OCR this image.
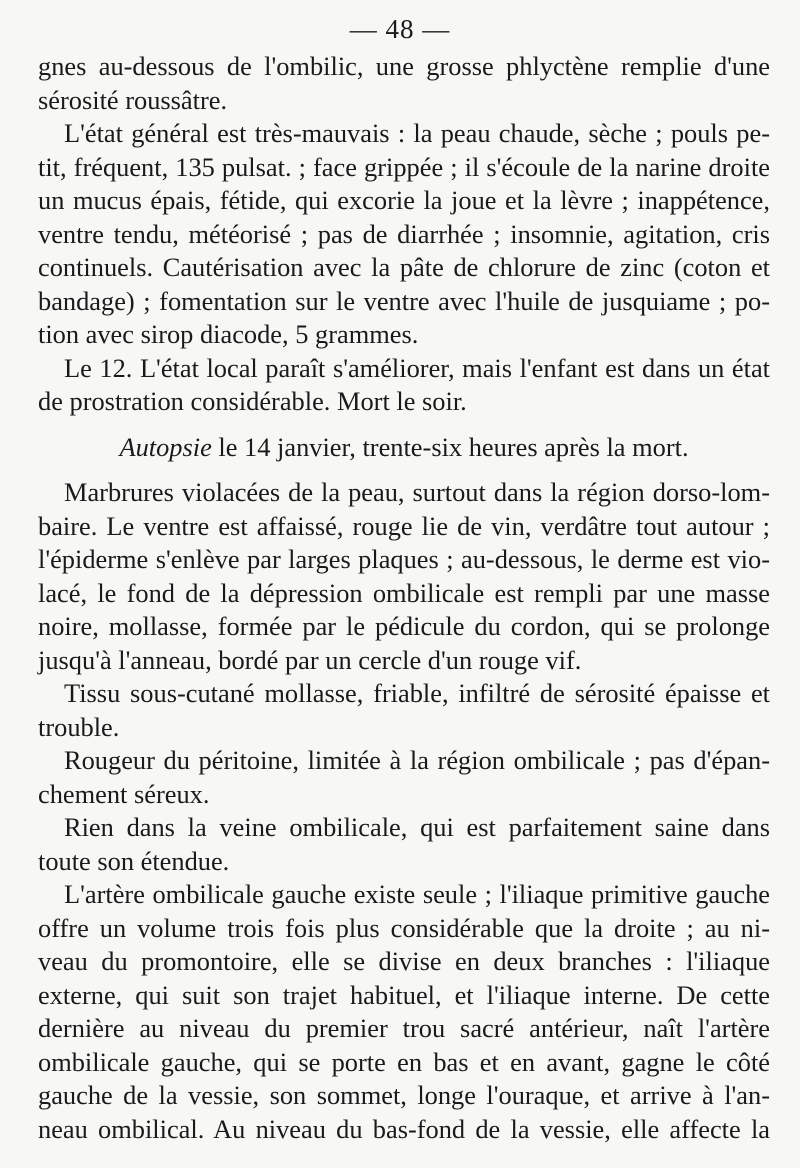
— 48 —
gnes au-dessous de l'ombilic, une grosse phlyctène remplie d'une
sérosité roussâtre.
L'état général est très-mauvais : la peau chaude, sèche ; pouls pe-
tit, fréquent, 135 pulsat. ; face grippée ; il s'écoule de la narine droite
un mucus épais, fétide, qui excorie la joue et la lèvre ; inappétence,
ventre tendu, météorisé ; pas de diarrhée ; insomnie, agitation, cris
continuels. Cautérisation avec la pâte de chlorure de zinc (coton et
bandage) ; fomentation sur le ventre avec l'huile de jusquiame ; po-
tion avec sirop diacode, 5 grammes.
Le 12. L'état local paraît s'améliorer, mais l'enfant est dans un état
de prostration considérable. Mort le soir.
Autopsie le 14 janvier, trente-six heures après la mort.
Marbrures violacées de la peau, surtout dans la région dorso-lom-
baire. Le ventre est affaissé, rouge lie de vin, verdâtre tout autour ;
l'épiderme s'enlève par larges plaques ; au-dessous, le derme est vio-
lacé, le fond de la dépression ombilicale est rempli par une masse
noire, mollasse, formée par le pédicule du cordon, qui se prolonge
jusqu'à l'anneau, bordé par un cercle d'un rouge vif.
Tissu sous-cutané mollasse, friable, infiltré de sérosité épaisse et
trouble.
Rougeur du péritoine, limitée à la région ombilicale ; pas d'épan-
chement séreux.
Rien dans la veine ombilicale, qui est parfaitement saine dans
toute son étendue.
L'artère ombilicale gauche existe seule ; l'iliaque primitive gauche
offre un volume trois fois plus considérable que la droite ; au ni-
veau du promontoire, elle se divise en deux branches : l'iliaque
externe, qui suit son trajet habituel, et l'iliaque interne. De cette
dernière au niveau du premier trou sacré antérieur, naît l'artère
ombilicale gauche, qui se porte en bas et en avant, gagne le côté
gauche de la vessie, son sommet, longe l'ouraque, et arrive à l'an-
neau ombilical. Au niveau du bas-fond de la vessie, elle affecte la
